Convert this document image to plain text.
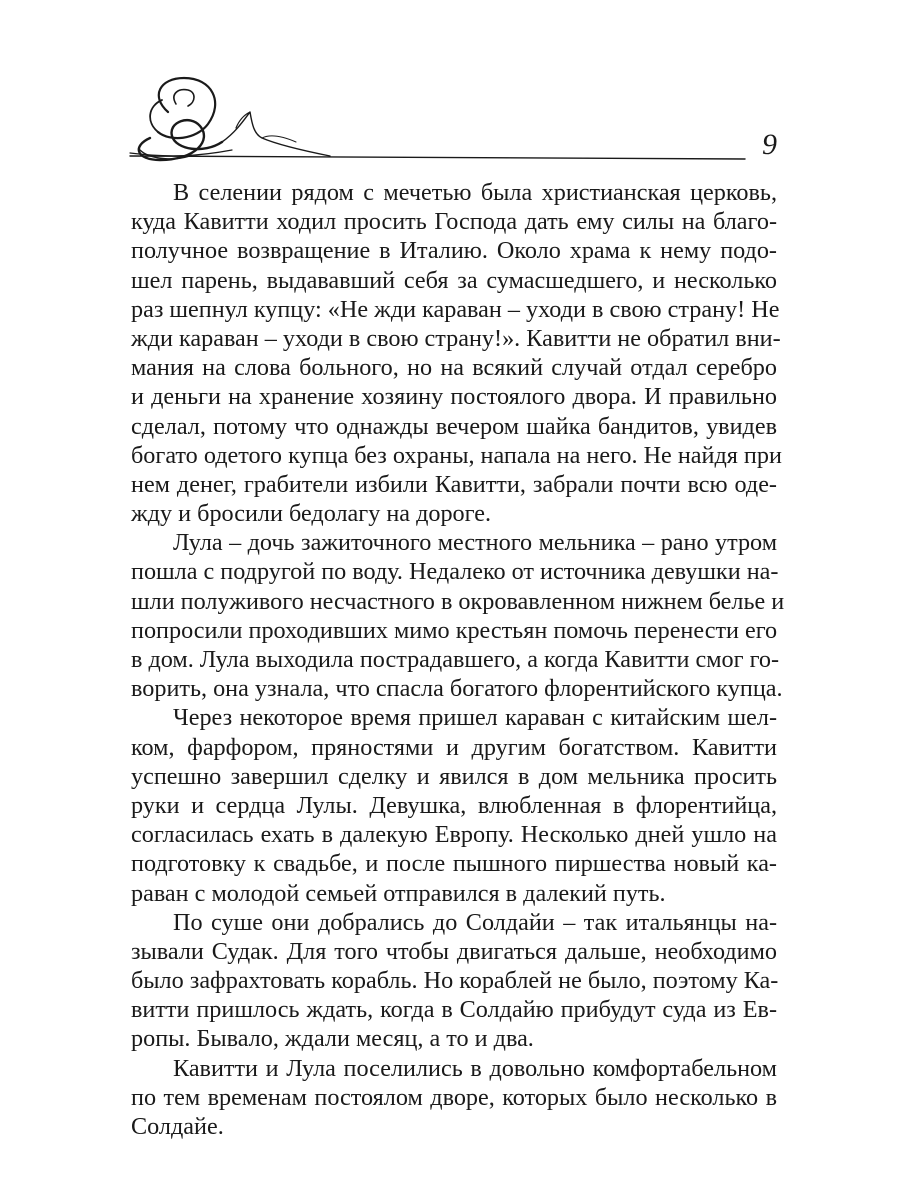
9
В селении рядом с мечетью была христианская церковь,
куда Кавитти ходил просить Господа дать ему силы на благо-
получное возвращение в Италию. Около храма к нему подо-
шел парень, выдававший себя за сумасшедшего, и несколько
раз шепнул купцу: «Не жди караван – уходи в свою страну! Не
жди караван – уходи в свою страну!». Кавитти не обратил вни-
мания на слова больного, но на всякий случай отдал серебро
и деньги на хранение хозяину постоялого двора. И правильно
сделал, потому что однажды вечером шайка бандитов, увидев
богато одетого купца без охраны, напала на него. Не найдя при
нем денег, грабители избили Кавитти, забрали почти всю оде-
жду и бросили бедолагу на дороге.
Лула – дочь зажиточного местного мельника – рано утром
пошла с подругой по воду. Недалеко от источника девушки на-
шли полуживого несчастного в окровавленном нижнем белье и
попросили проходивших мимо крестьян помочь перенести его
в дом. Лула выходила пострадавшего, а когда Кавитти смог го-
ворить, она узнала, что спасла богатого флорентийского купца.
Через некоторое время пришел караван с китайским шел-
ком, фарфором, пряностями и другим богатством. Кавитти
успешно завершил сделку и явился в дом мельника просить
руки и сердца Лулы. Девушка, влюбленная в флорентийца,
согласилась ехать в далекую Европу. Несколько дней ушло на
подготовку к свадьбе, и после пышного пиршества новый ка-
раван с молодой семьей отправился в далекий путь.
По суше они добрались до Солдайи – так итальянцы на-
зывали Судак. Для того чтобы двигаться дальше, необходимо
было зафрахтовать корабль. Но кораблей не было, поэтому Ка-
витти пришлось ждать, когда в Солдайю прибудут суда из Ев-
ропы. Бывало, ждали месяц, а то и два.
Кавитти и Лула поселились в довольно комфортабельном
по тем временам постоялом дворе, которых было несколько в
Солдайе.
